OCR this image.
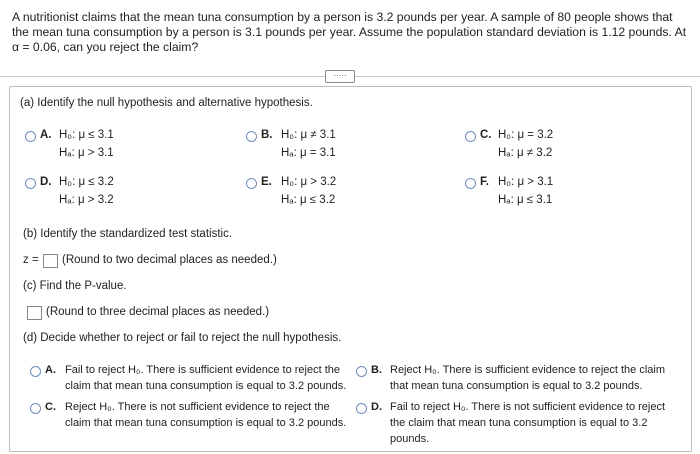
A nutritionist claims that the mean tuna consumption by a person is 3.2 pounds per year. A sample of 80 people shows that the mean tuna consumption by a person is 3.1 pounds per year. Assume the population standard deviation is 1.12 pounds. At α = 0.06, can you reject the claim?
·····
(a) Identify the null hypothesis and alternative hypothesis.
A. H₀: μ ≤ 3.1
Hₐ: μ > 3.1
B. H₀: μ ≠ 3.1
Hₐ: μ = 3.1
C. H₀: μ = 3.2
Hₐ: μ ≠ 3.2
D. H₀: μ ≤ 3.2
Hₐ: μ > 3.2
E. H₀: μ > 3.2
Hₐ: μ ≤ 3.2
F. H₀: μ > 3.1
Hₐ: μ ≤ 3.1
(b) Identify the standardized test statistic.
z = (Round to two decimal places as needed.)
(c) Find the P-value.
(Round to three decimal places as needed.)
(d) Decide whether to reject or fail to reject the null hypothesis.
A. Fail to reject H₀. There is sufficient evidence to reject the
claim that mean tuna consumption is equal to 3.2 pounds.
B. Reject H₀. There is sufficient evidence to reject the claim
that mean tuna consumption is equal to 3.2 pounds.
C. Reject H₀. There is not sufficient evidence to reject the
claim that mean tuna consumption is equal to 3.2 pounds.
D. Fail to reject H₀. There is not sufficient evidence to reject
the claim that mean tuna consumption is equal to 3.2
pounds.
